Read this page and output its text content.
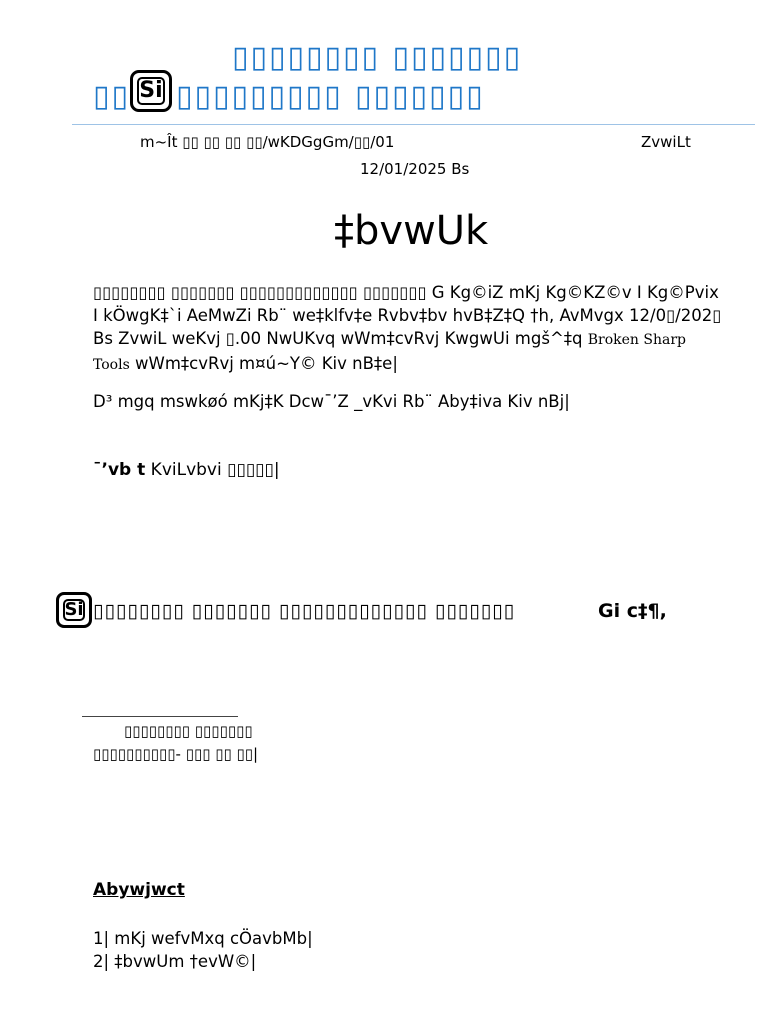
▯▯▯▯▯▯▯▯ ▯▯▯▯▯▯▯
▯▯ Si ▯▯▯▯▯▯▯▯▯ ▯▯▯▯▯▯▯
m~Ît ▯▯ ▯▯ ▯▯ ▯▯/wKDGgGm/▯▯/01	ZvwiLt
12/01/2025 Bs
‡bvwUk
▯▯▯▯▯▯▯▯ ▯▯▯▯▯▯▯ ▯▯▯▯▯▯▯▯▯▯▯▯▯ ▯▯▯▯▯▯▯ G Kg©iZ mKj Kg©KZ©v I Kg©Pvix I kÖwgK‡`i AeMwZi Rb¨ we‡klfv‡e Rvbv‡bv hvB‡Z‡Q †h, AvMvgx 12/0▯/202▯ Bs ZvwiL weKvj ▯.00 NwUKvq wWm‡cvRvj KwgwUi mgš^‡q Broken Sharp Tools wWm‡cvRvj m¤ú~Y© Kiv nB‡e|
D³ mgq mswkøó mKj‡K Dcw¯’Z _vKvi Rb¨ Aby‡iva Kiv nBj|
¯’vb t KviLvbvi ▯▯▯▯▯|
Si ▯▯▯▯▯▯▯▯ ▯▯▯▯▯▯▯ ▯▯▯▯▯▯▯▯▯▯▯▯▯ ▯▯▯▯▯▯▯	Gi c‡¶,
▯▯▯▯▯▯▯▯ ▯▯▯▯▯▯▯
▯▯▯▯▯▯▯▯▯▯- ▯▯▯ ▯▯ ▯▯|
Abywjwct
1| mKj wefvMxq cÖavbMb|
2| ‡bvwUm †evW©|
